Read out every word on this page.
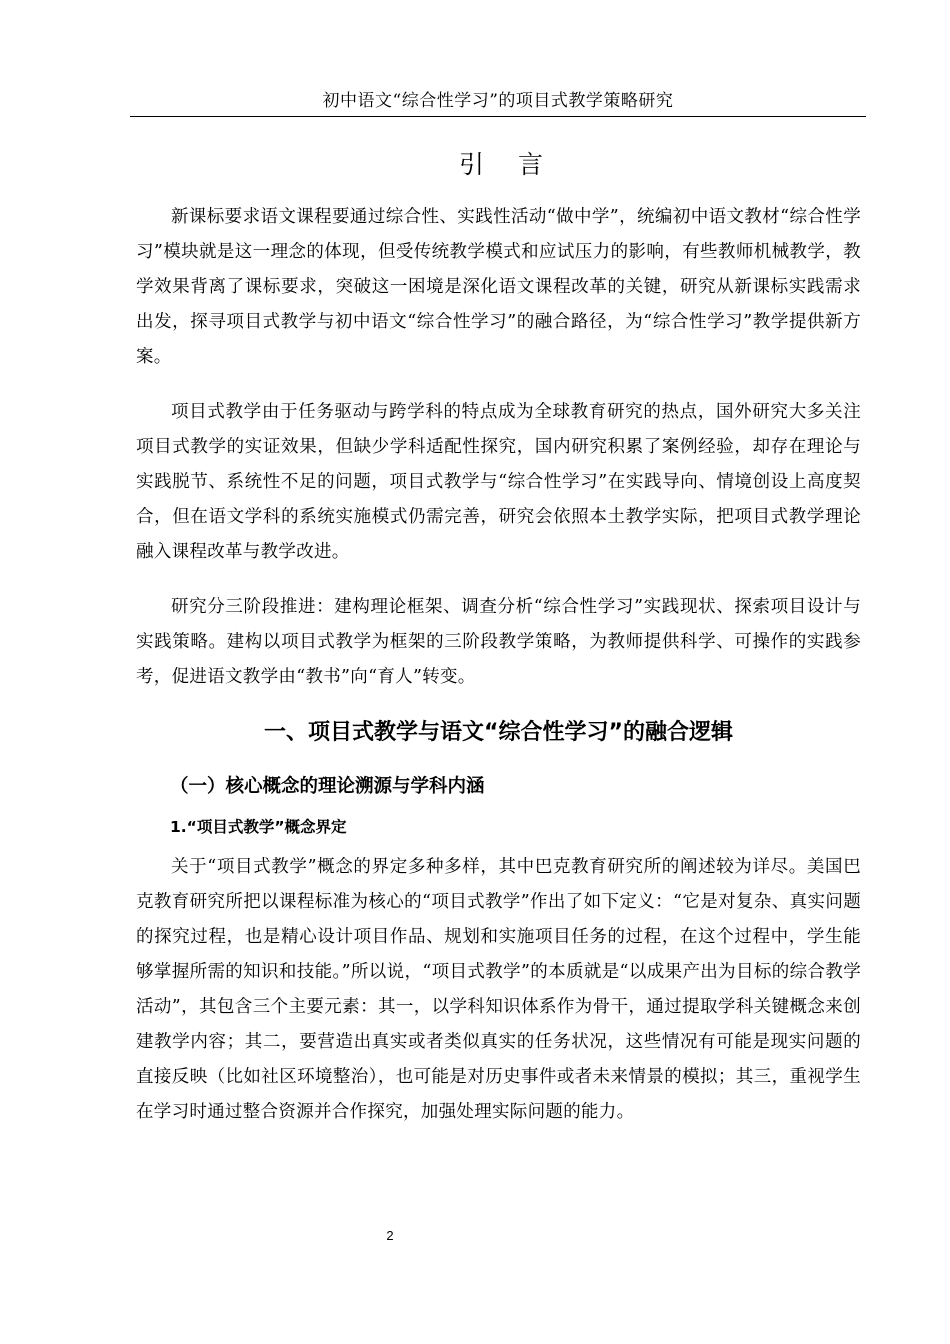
初中语文“综合性学习”的项目式教学策略研究
引言

新课标要求语文课程要通过综合性、实践性活动“做中学”，统编初中语文教材“综合性学习”模块就是这一理念的体现，但受传统教学模式和应试压力的影响，有些教师机械教学，教学效果背离了课标要求，突破这一困境是深化语文课程改革的关键，研究从新课标实践需求出发，探寻项目式教学与初中语文“综合性学习”的融合路径，为“综合性学习”教学提供新方案。

项目式教学由于任务驱动与跨学科的特点成为全球教育研究的热点，国外研究大多关注项目式教学的实证效果，但缺少学科适配性探究，国内研究积累了案例经验，却存在理论与实践脱节、系统性不足的问题，项目式教学与“综合性学习”在实践导向、情境创设上高度契合，但在语文学科的系统实施模式仍需完善，研究会依照本土教学实际，把项目式教学理论融入课程改革与教学改进。

研究分三阶段推进：建构理论框架、调查分析“综合性学习”实践现状、探索项目设计与实践策略。建构以项目式教学为框架的三阶段教学策略，为教师提供科学、可操作的实践参考，促进语文教学由“教书”向“育人”转变。

一、项目式教学与语文“综合性学习”的融合逻辑
（一）核心概念的理论溯源与学科内涵
1.“项目式教学”概念界定

关于“项目式教学”概念的界定多种多样，其中巴克教育研究所的阐述较为详尽。美国巴克教育研究所把以课程标准为核心的“项目式教学”作出了如下定义：“它是对复杂、真实问题的探究过程，也是精心设计项目作品、规划和实施项目任务的过程，在这个过程中，学生能够掌握所需的知识和技能。”所以说，“项目式教学”的本质就是“以成果产出为目标的综合教学活动”，其包含三个主要元素：其一，以学科知识体系作为骨干，通过提取学科关键概念来创建教学内容；其二，要营造出真实或者类似真实的任务状况，这些情况有可能是现实问题的直接反映（比如社区环境整治），也可能是对历史事件或者未来情景的模拟；其三，重视学生在学习时通过整合资源并合作探究，加强处理实际问题的能力。

2
